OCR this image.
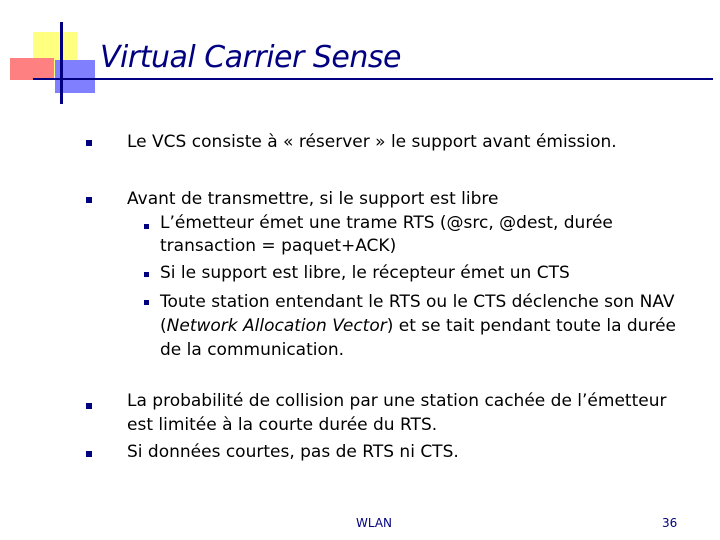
Virtual Carrier Sense
Le VCS consiste à « réserver » le support avant émission.
Avant de transmettre, si le support est libre
L’émetteur émet une trame RTS (@src, @dest, durée
transaction = paquet+ACK)
Si le support est libre, le récepteur émet un CTS
Toute station entendant le RTS ou le CTS déclenche son NAV
(Network Allocation Vector) et se tait pendant toute la durée
de la communication.
La probabilité de collision par une station cachée de l’émetteur
est limitée à la courte durée du RTS.
Si données courtes, pas de RTS ni CTS.
WLAN	36
